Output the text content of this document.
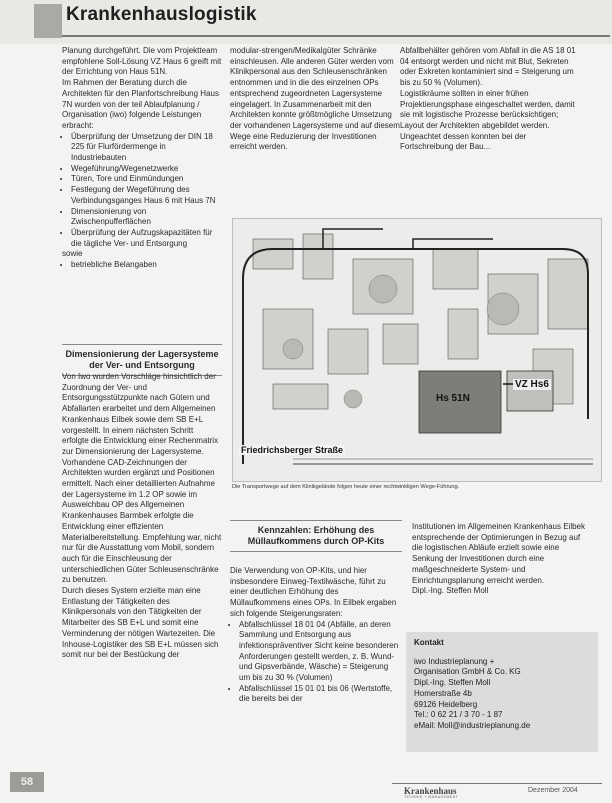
Krankenhauslogistik

Planung durchgeführt. Die vom Projektteam empfohlene Soll-Lösung VZ Haus 6 greift mit der Errichtung von Haus 51N.

Im Rahmen der Beratung durch die Architekten für den Planfortschreibung Haus 7N wurden von der teil Ablaufplanung / Organisation (iwo) folgende Leistungen erbracht:

• Überprüfung der Umsetzung der DIN 18 225 für Flurfördermenge in Industriebauten
• Wegeführung/Wegenetzwerke
• Türen, Tore und Einmündungen
• Festlegung der Wegeführung des Verbindungsganges Haus 6 mit Haus 7N
• Dimensionierung von Zwischenpufferflächen
• Überprüfung der Aufzugskapazitäten für die tägliche Ver- und Entsorgung

sowie

• betriebliche Belangaben
Dimensionierung der Lagersysteme der Ver- und Entsorgung

Von Iwo wurden Vorschläge hinsichtlich der Zuordnung der Ver- und Entsorgungsstützpunkte nach Gütern und Abfallarten erarbeitet und dem Allgemeinen Krankenhaus Eilbek sowie dem SB E+L vorgestellt. In einem nächsten Schritt erfolgte die Entwicklung einer Rechenmatrix zur Dimensionierung der Lagersysteme. Vorhandene CAD-Zeichnungen der Architekten wurden ergänzt und Positionen ermittelt. Nach einer detaillierten Aufnahme der Lagersysteme im 1.2 OP sowie im Ausweichbau OP des Allgemeinen Krankenhauses Barmbek erfolgte die Entwicklung einer effizienten Materialbereitstellung. Empfehlung war, nicht nur für die Ausstattung vom Mobil, sondern auch für die Einschleusung der unterschiedlichen Güter Schleusenschränke zu benutzen.

Durch dieses System erzielte man eine Entlastung der Tätigkeiten des Klinikpersonals von den Tätigkeiten der Mitarbeiter des SB E+L und somit eine Verminderung der nötigen Wartezeiten. Die Inhouse-Logistiker des SB E+L müssen sich somit nur bei der Bestückung der

modular-strengen/Medikalgüter Schränke einschleusen. Alle anderen Güter werden vom Klinikpersonal aus den Schleusenschränken entnommen und in die des einzelnen OPs entsprechend zugeordneten Lagersysteme eingelagert. In Zusammenarbeit mit den Architekten konnte größtmögliche Umsetzung der vorhandenen Lagersysteme und auf diesem Wege eine Reduzierung der Investitionen erreicht werden.

Abfallbehälter gehören vom Abfall in die AS 18 01 04 entsorgt werden und nicht mit Blut, Sekreten oder Exkreten kontaminiert sind = Steigerung um bis zu 50 % (Volumen).

Logistikräume sollten in einer frühen Projektierungsphase eingeschaltet werden, damit sie mit logistische Prozesse berücksichtigen; Layout der Architekten abgebildet werden. Ungeachtet dessen konnten bei der Fortschreibung der Bau...

Hs 51N
VZ Hs6
Friedrichsberger Straße
Die Transportwege auf dem Klinikgelände folgen heute einer rechtwinkligen Wege-Führung.
Kennzahlen: Erhöhung des Müllaufkommens durch OP-Kits

Die Verwendung von OP-Kits, und hier insbesondere Einweg-Textilwäsche, führt zu einer deutlichen Erhöhung des Müllaufkommens eines OPs. In Eilbek ergaben sich folgende Steigerungsraten:

• Abfallschlüssel 18 01 04 (Abfälle, an deren Sammlung und Entsorgung aus infektionspräventiver Sicht keine besonderen Anforderungen gestellt werden, z. B. Wund- und Gipsverbände, Wäsche) = Steigerung um bis zu 30 % (Volumen)
• Abfallschlüssel 15 01 01 bis 06 (Wertstoffe, die bereits bei der

Institutionen im Allgemeinen Krankenhaus Eilbek entsprechende der Optimierungen in Bezug auf die logistischen Abläufe erzielt sowie eine Senkung der Investitionen durch eine maßgeschneiderte System- und Einrichtungsplanung erreicht werden.

Dipl.-Ing. Steffen Moll

Kontakt
iwo Industrieplanung +
Organisation GmbH & Co. KG
Dipl.-Ing. Steffen Moll
Homerstraße 4b
69126 Heidelberg
Tel.: 0 62 21 / 3 70 - 1 87
eMail: Moll@industrieplanung.de
58
Krankenhaus
TECHNIK + MANAGEMENT
Dezember 2004
